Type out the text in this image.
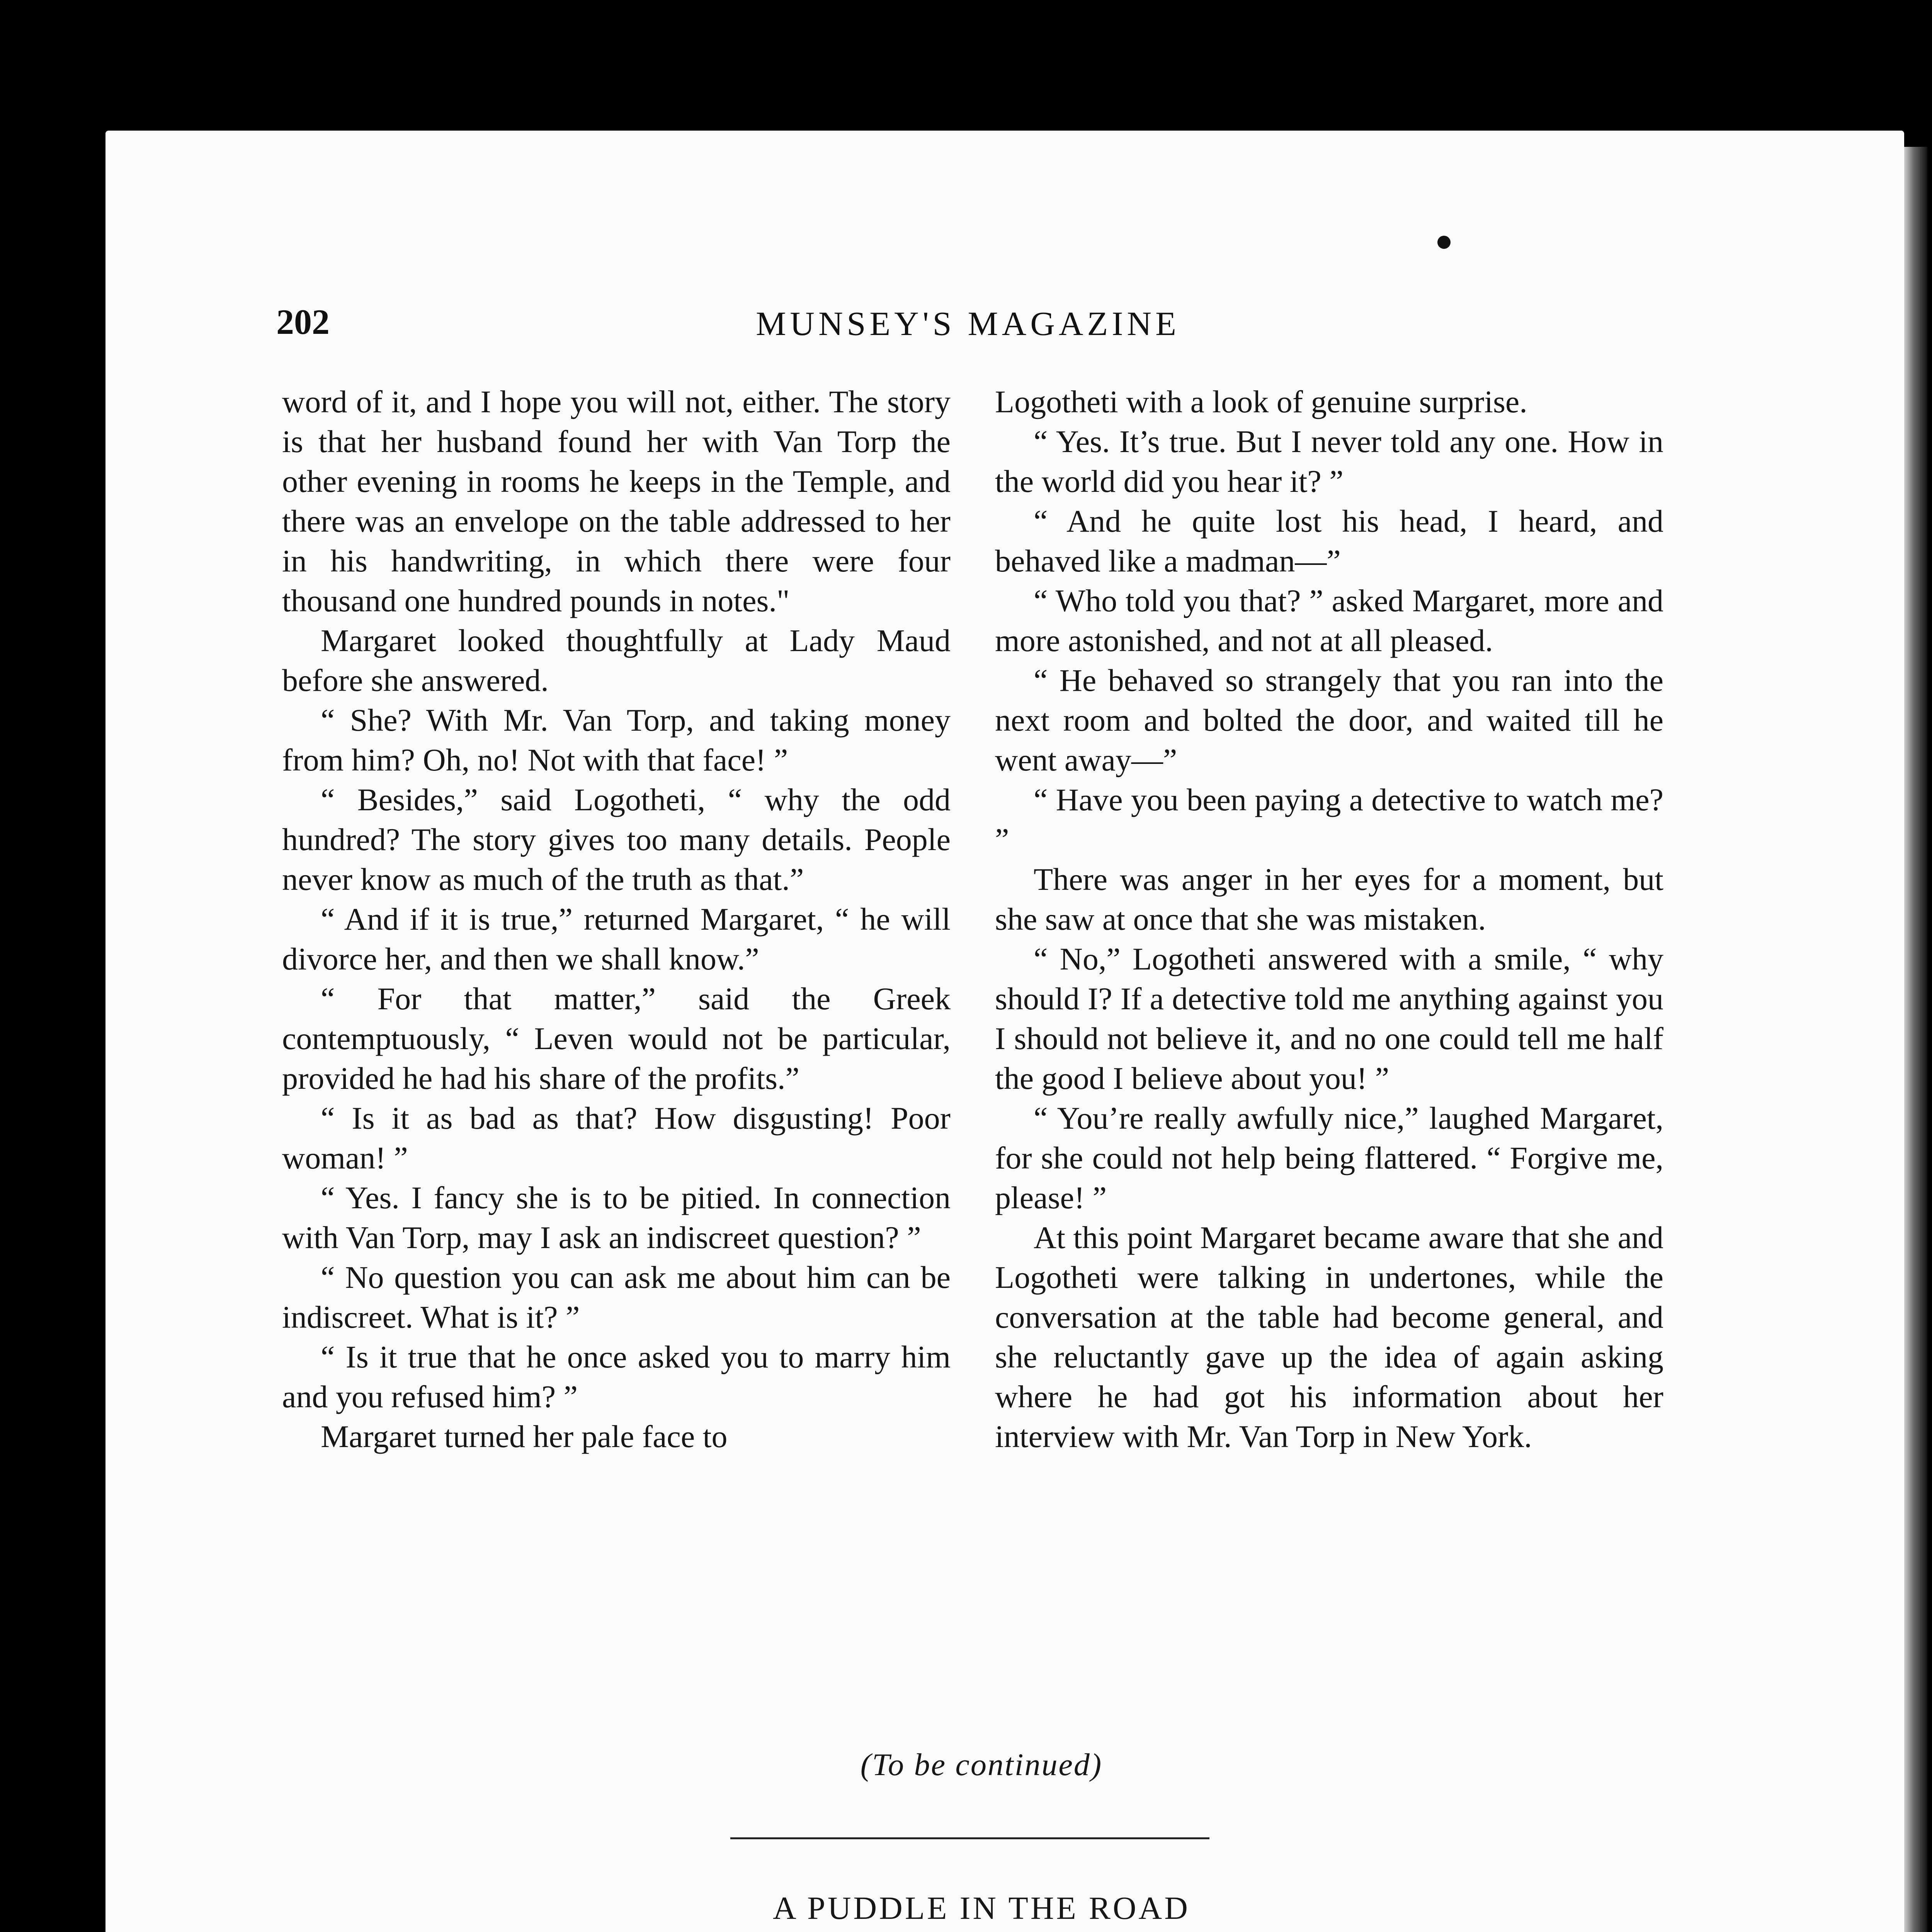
202	MUNSEY'S MAGAZINE

word of it, and I hope you will not, either. The story is that her husband found her with Van Torp the other evening in rooms he keeps in the Temple, and there was an envelope on the table addressed to her in his handwriting, in which there were four thousand one hundred pounds in notes."

Margaret looked thoughtfully at Lady Maud before she answered.

“ She? With Mr. Van Torp, and taking money from him? Oh, no! Not with that face! ”

“ Besides,” said Logotheti, “ why the odd hundred? The story gives too many details. People never know as much of the truth as that.”

“ And if it is true,” returned Margaret, “ he will divorce her, and then we shall know.”

“ For that matter,” said the Greek contemptuously, “ Leven would not be particular, provided he had his share of the profits.”

“ Is it as bad as that? How disgusting! Poor woman! ”

“ Yes. I fancy she is to be pitied. In connection with Van Torp, may I ask an indiscreet question? ”

“ No question you can ask me about him can be indiscreet. What is it? ”

“ Is it true that he once asked you to marry him and you refused him? ”

Margaret turned her pale face to

Logotheti with a look of genuine surprise.

“ Yes. It’s true. But I never told any one. How in the world did you hear it? ”

“ And he quite lost his head, I heard, and behaved like a madman—”

“ Who told you that? ” asked Margaret, more and more astonished, and not at all pleased.

“ He behaved so strangely that you ran into the next room and bolted the door, and waited till he went away—”

“ Have you been paying a detective to watch me? ”

There was anger in her eyes for a moment, but she saw at once that she was mistaken.

“ No,” Logotheti answered with a smile, “ why should I? If a detective told me anything against you I should not believe it, and no one could tell me half the good I believe about you! ”

“ You’re really awfully nice,” laughed Margaret, for she could not help being flattered. “ Forgive me, please! ”

At this point Margaret became aware that she and Logotheti were talking in undertones, while the conversation at the table had become general, and she reluctantly gave up the idea of again asking where he had got his information about her interview with Mr. Van Torp in New York.

(To be continued)
A PUDDLE IN THE ROAD
